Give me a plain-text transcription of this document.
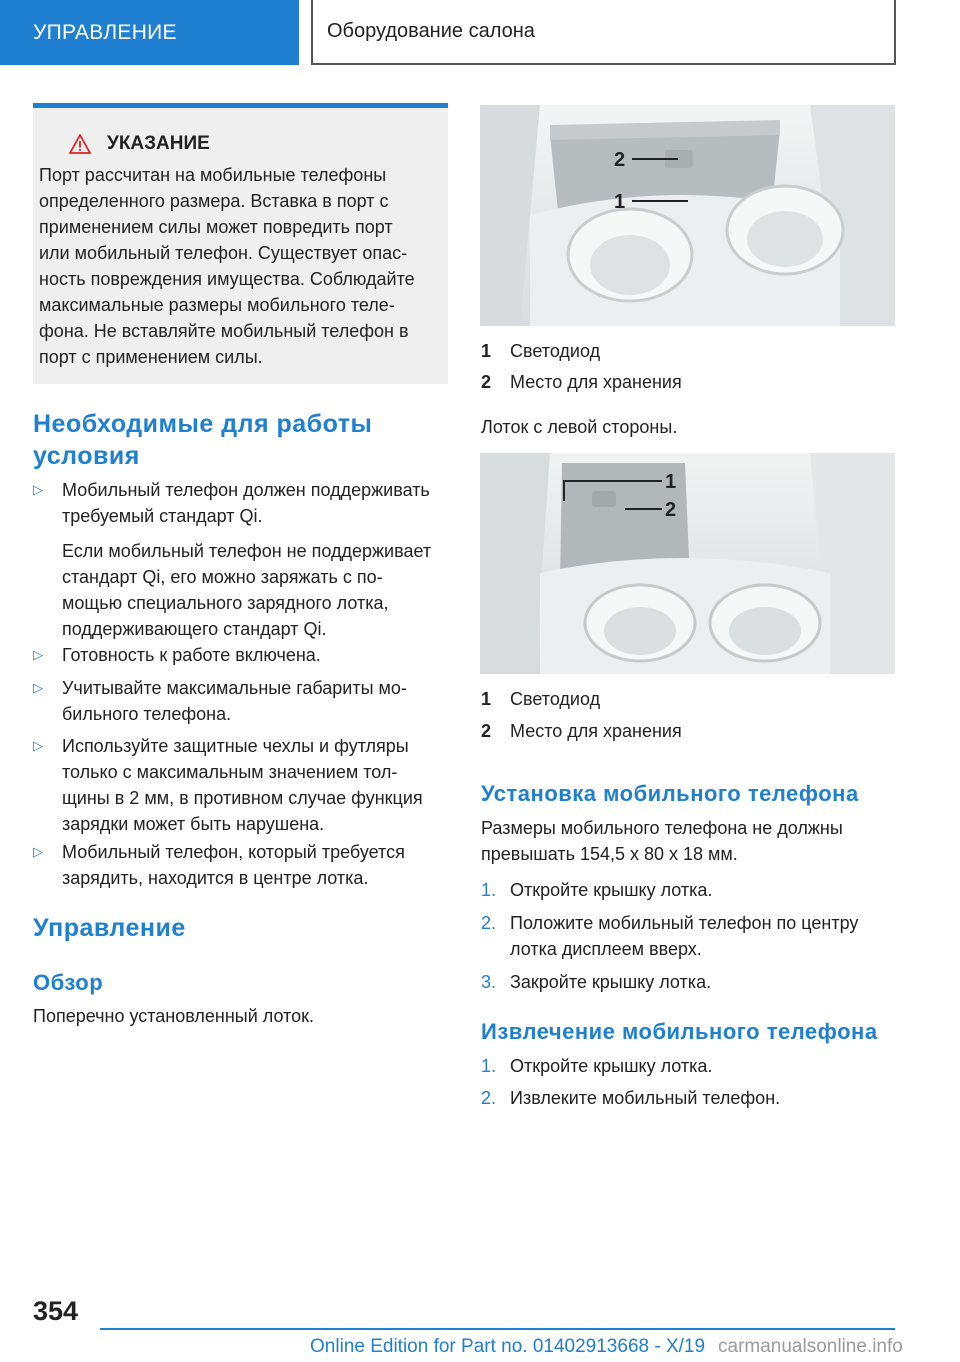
УПРАВЛЕНИЕ	Оборудование салона
УКАЗАНИЕ
Порт рассчитан на мобильные телефоны
определенного размера. Вставка в порт с
применением силы может повредить порт
или мобильный телефон. Существует опас-
ность повреждения имущества. Соблюдайте
максимальные размеры мобильного теле-
фона. Не вставляйте мобильный телефон в
порт с применением силы.
Необходимые для работы
условия
▷	Мобильный телефон должен поддерживать
требуемый стандарт Qi.
Если мобильный телефон не поддерживает
стандарт Qi, его можно заряжать с по-
мощью специального зарядного лотка,
поддерживающего стандарт Qi.
▷	Готовность к работе включена.
▷	Учитывайте максимальные габариты мо-
бильного телефона.
▷	Используйте защитные чехлы и футляры
только с максимальным значением тол-
щины в 2 мм, в противном случае функция
зарядки может быть нарушена.
▷	Мобильный телефон, который требуется
зарядить, находится в центре лотка.
Управление
Обзор
Поперечно установленный лоток.
2
1
1 Светодиод
2 Место для хранения
Лоток с левой стороны.
1
2
1 Светодиод
2 Место для хранения
Установка мобильного телефона
Размеры мобильного телефона не должны
превышать 154,5 x 80 x 18 мм.
1. Откройте крышку лотка.
2. Положите мобильный телефон по центру
лотка дисплеем вверх.
3. Закройте крышку лотка.
Извлечение мобильного телефона
1. Откройте крышку лотка.
2. Извлеките мобильный телефон.
354
Online Edition for Part no. 01402913668 - X/19 carmanualsonline.info
